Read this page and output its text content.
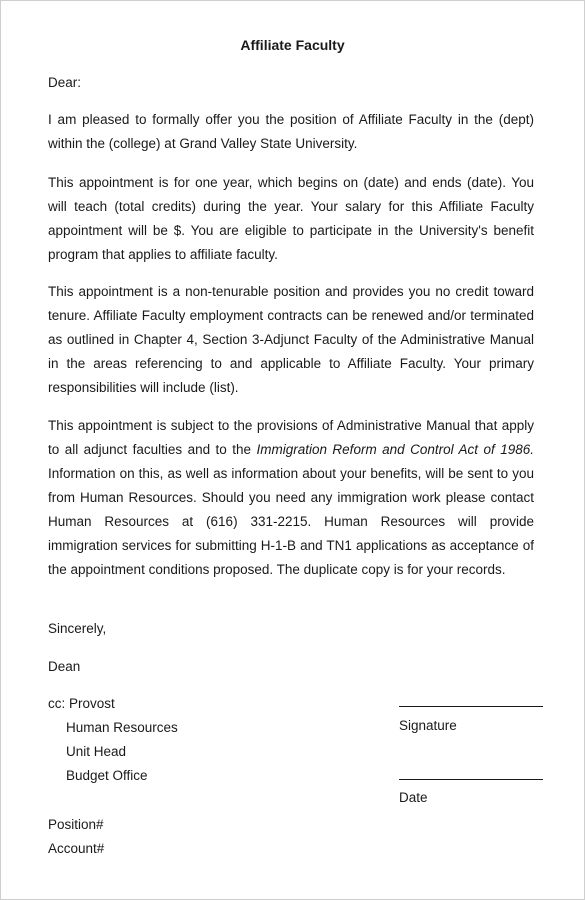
Affiliate Faculty
Dear:

I am pleased to formally offer you the position of Affiliate Faculty in the (dept) within the (college) at Grand Valley State University.

This appointment is for one year, which begins on (date) and ends (date). You will teach (total credits) during the year. Your salary for this Affiliate Faculty appointment will be $. You are eligible to participate in the University's benefit program that applies to affiliate faculty.

This appointment is a non-tenurable position and provides you no credit toward tenure. Affiliate Faculty employment contracts can be renewed and/or terminated as outlined in Chapter 4, Section 3-Adjunct Faculty of the Administrative Manual in the areas referencing to and applicable to Affiliate Faculty. Your primary responsibilities will include (list).

This appointment is subject to the provisions of Administrative Manual that apply to all adjunct faculties and to the Immigration Reform and Control Act of 1986. Information on this, as well as information about your benefits, will be sent to you from Human Resources. Should you need any immigration work please contact Human Resources at (616) 331-2215. Human Resources will provide immigration services for submitting H-1-B and TN1 applications as acceptance of the appointment conditions proposed. The duplicate copy is for your records.

Sincerely,
Dean
cc: Provost
Human Resources
Unit Head
Budget Office
Signature
Date
Position#
Account#
